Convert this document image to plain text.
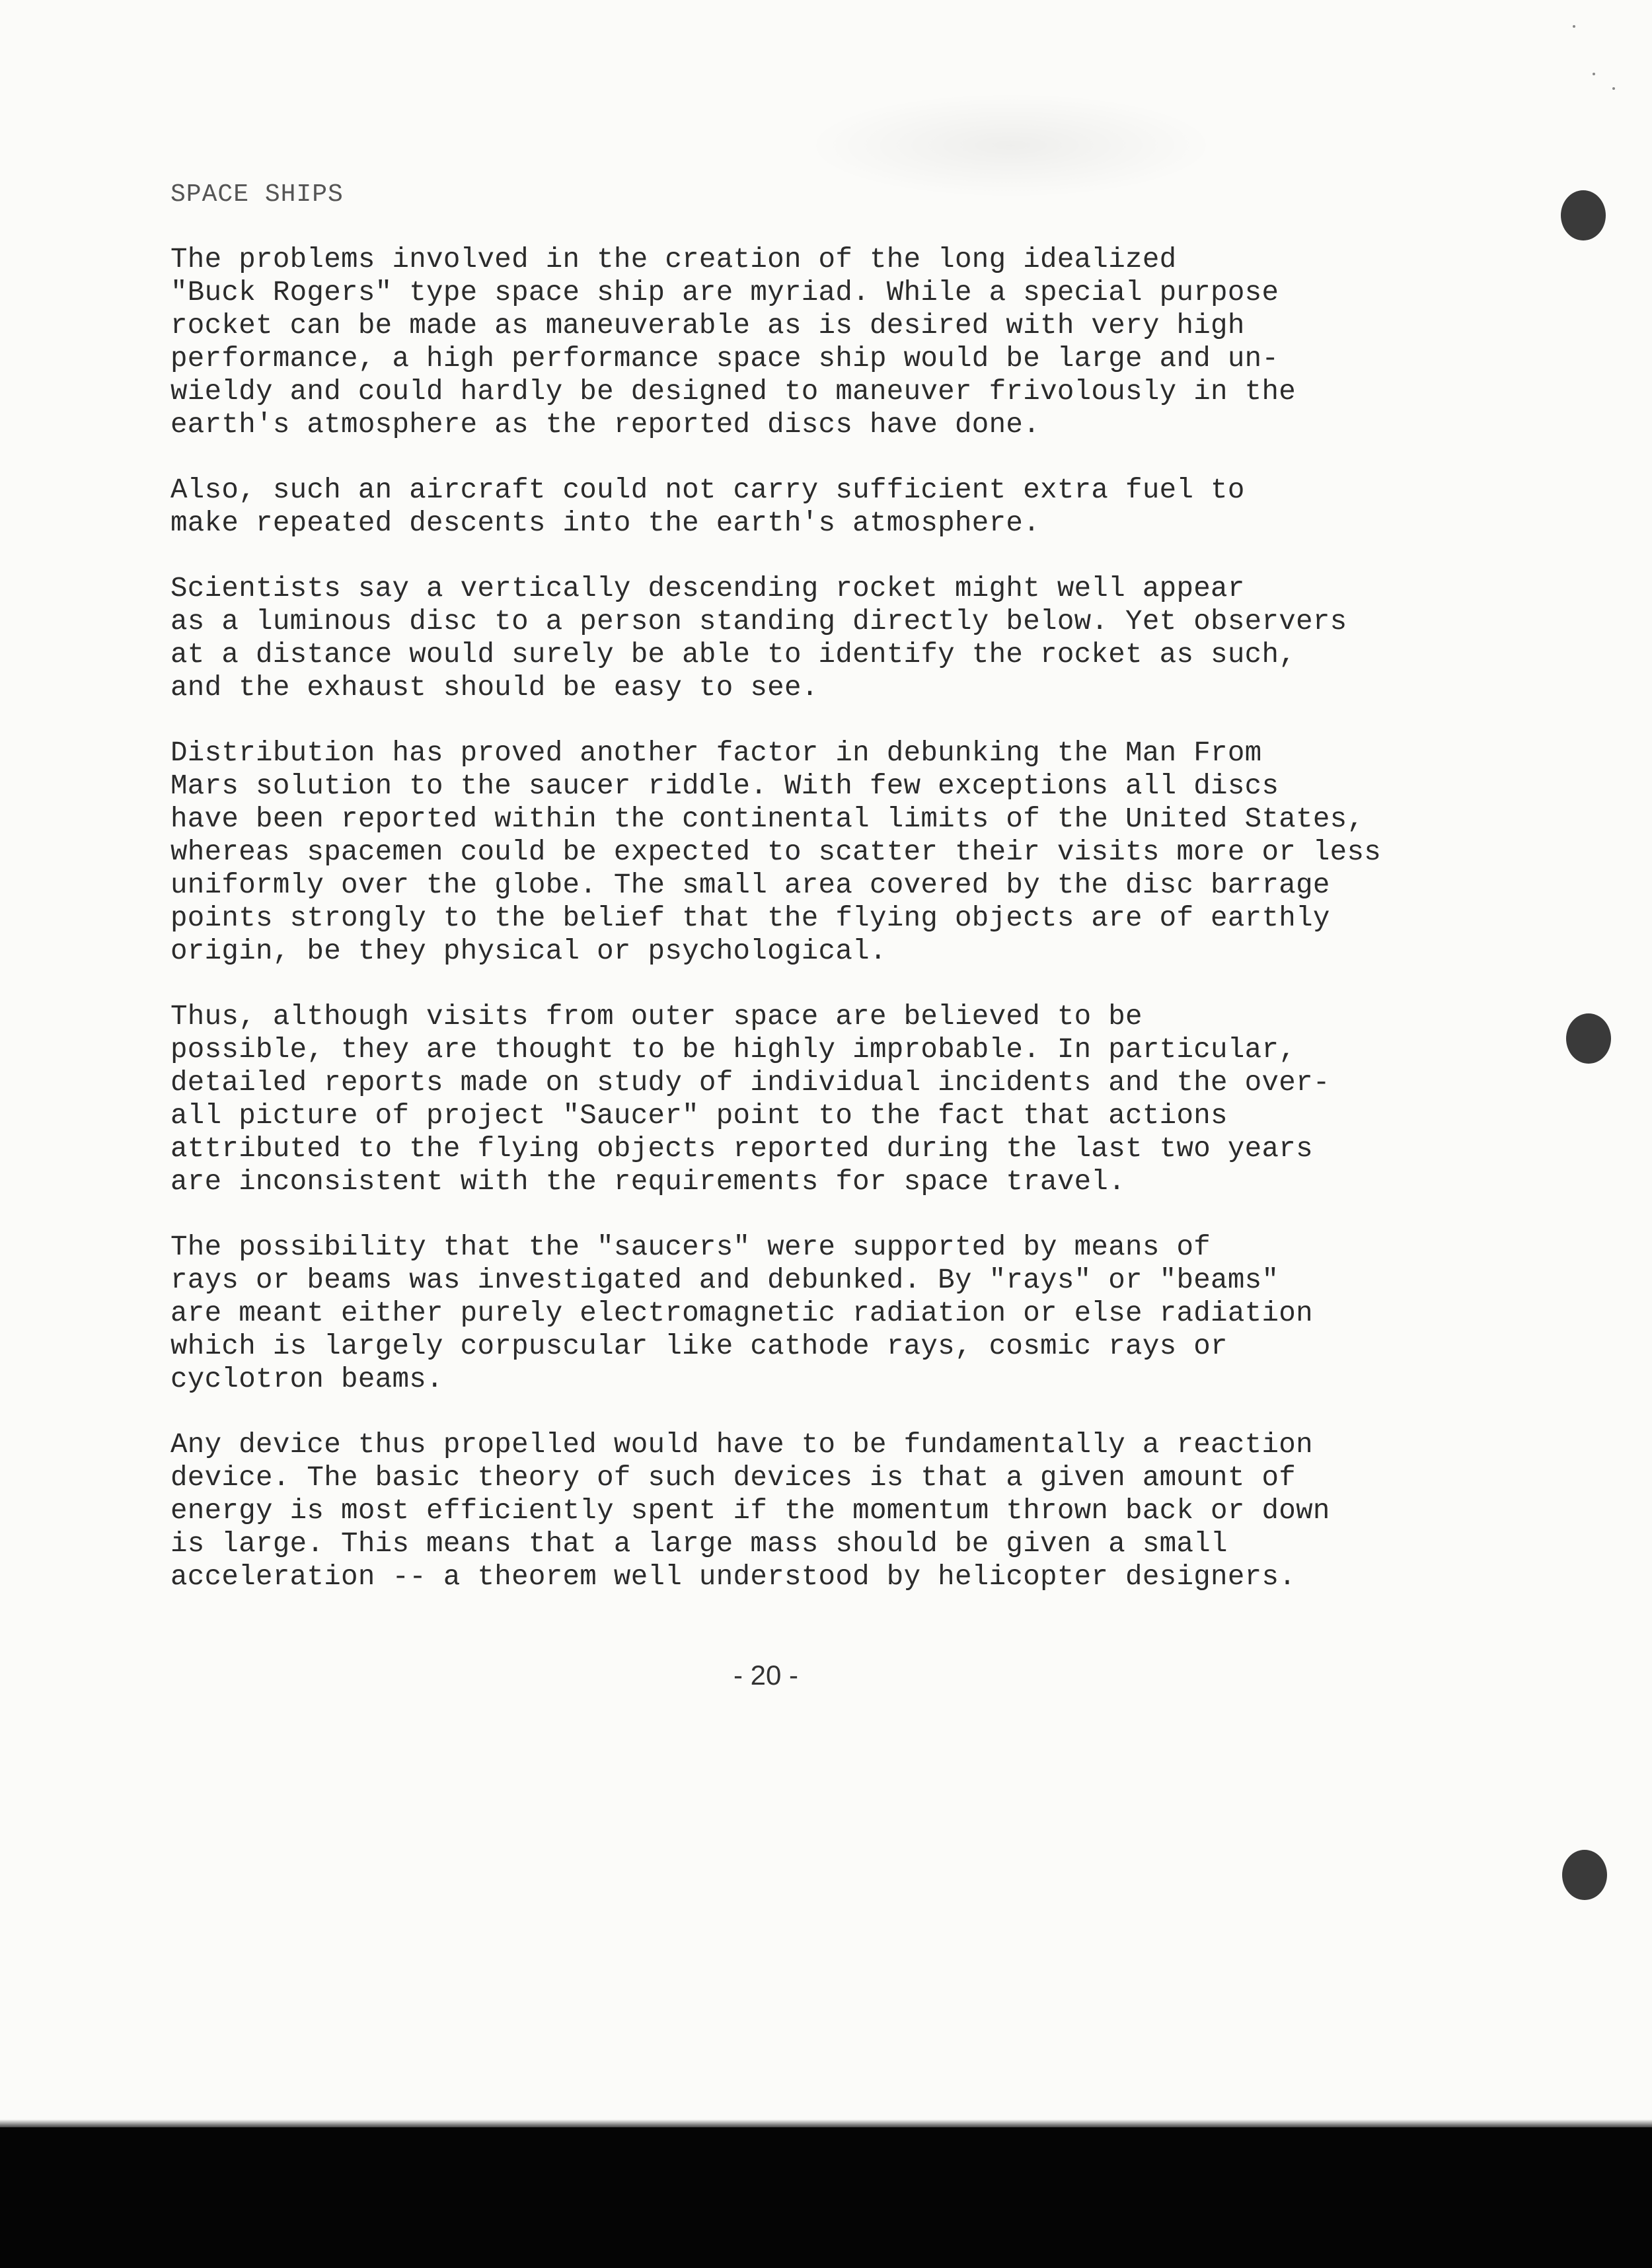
SPACE SHIPS
The problems involved in the creation of the long idealized
"Buck Rogers" type space ship are myriad. While a special purpose
rocket can be made as maneuverable as is desired with very high
performance, a high performance space ship would be large and un-
wieldy and could hardly be designed to maneuver frivolously in the
earth's atmosphere as the reported discs have done.
Also, such an aircraft could not carry sufficient extra fuel to
make repeated descents into the earth's atmosphere.
Scientists say a vertically descending rocket might well appear
as a luminous disc to a person standing directly below. Yet observers
at a distance would surely be able to identify the rocket as such,
and the exhaust should be easy to see.
Distribution has proved another factor in debunking the Man From
Mars solution to the saucer riddle. With few exceptions all discs
have been reported within the continental limits of the United States,
whereas spacemen could be expected to scatter their visits more or less
uniformly over the globe. The small area covered by the disc barrage
points strongly to the belief that the flying objects are of earthly
origin, be they physical or psychological.
Thus, although visits from outer space are believed to be
possible, they are thought to be highly improbable. In particular,
detailed reports made on study of individual incidents and the over-
all picture of project "Saucer" point to the fact that actions
attributed to the flying objects reported during the last two years
are inconsistent with the requirements for space travel.
The possibility that the "saucers" were supported by means of
rays or beams was investigated and debunked. By "rays" or "beams"
are meant either purely electromagnetic radiation or else radiation
which is largely corpuscular like cathode rays, cosmic rays or
cyclotron beams.
Any device thus propelled would have to be fundamentally a reaction
device. The basic theory of such devices is that a given amount of
energy is most efficiently spent if the momentum thrown back or down
is large. This means that a large mass should be given a small
acceleration -- a theorem well understood by helicopter designers.
- 20 -
